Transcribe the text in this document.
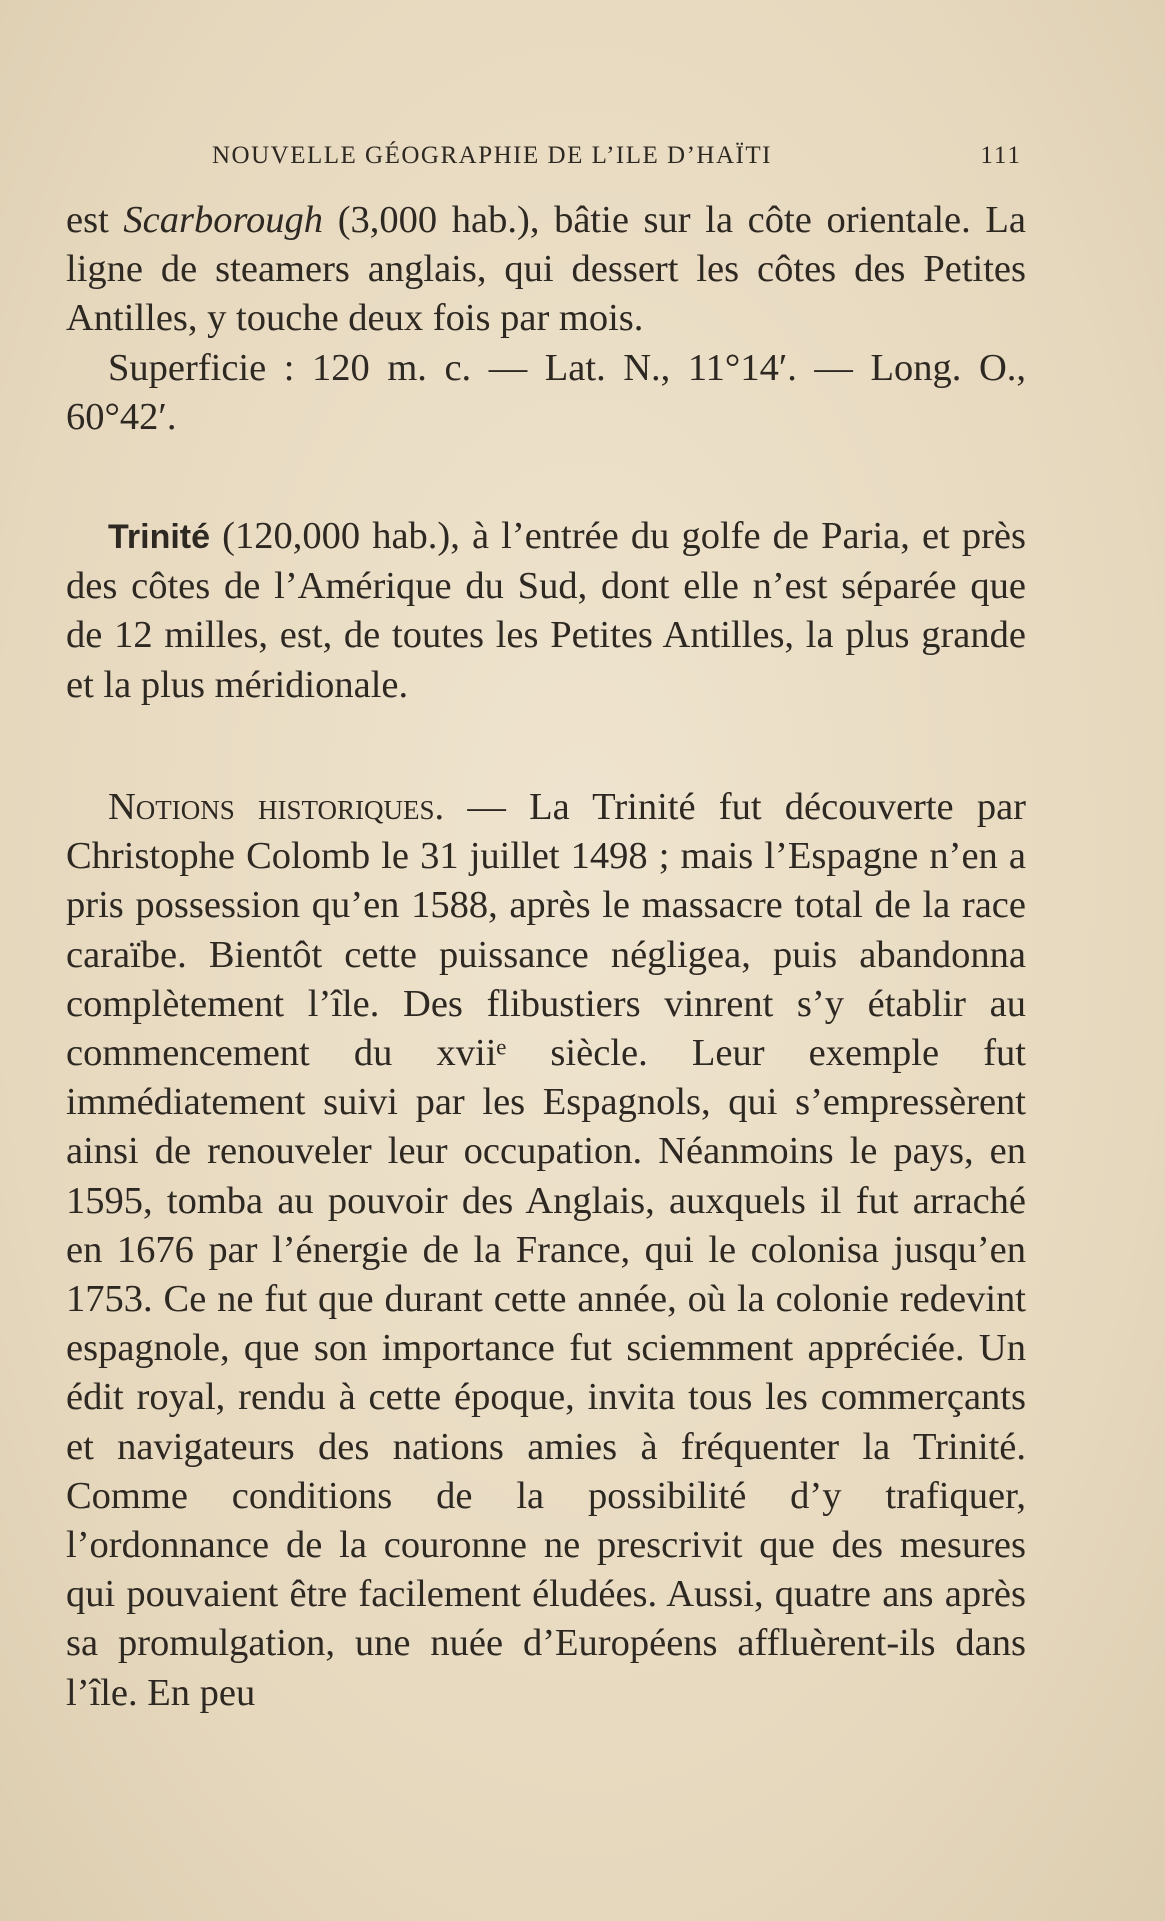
NOUVELLE GÉOGRAPHIE DE L’ILE D’HAÏTI	111

est Scarborough (3,000 hab.), bâtie sur la côte orientale. La ligne de steamers anglais, qui dessert les côtes des Petites Antilles, y touche deux fois par mois.

Superficie : 120 m. c. — Lat. N., 11°14′. — Long. O., 60°42′.

Trinité (120,000 hab.), à l’entrée du golfe de Paria, et près des côtes de l’Amérique du Sud, dont elle n’est séparée que de 12 milles, est, de toutes les Petites Antilles, la plus grande et la plus méridionale.

Notions historiques. — La Trinité fut découverte par Christophe Colomb le 31 juillet 1498 ; mais l’Espagne n’en a pris possession qu’en 1588, après le massacre total de la race caraïbe. Bientôt cette puissance négligea, puis abandonna complètement l’île. Des flibustiers vinrent s’y établir au commencement du xviiᵉ siècle. Leur exemple fut immédiatement suivi par les Espagnols, qui s’empressèrent ainsi de renouveler leur occupation. Néanmoins le pays, en 1595, tomba au pouvoir des Anglais, auxquels il fut arraché en 1676 par l’énergie de la France, qui le colonisa jusqu’en 1753. Ce ne fut que durant cette année, où la colonie redevint espagnole, que son importance fut sciemment appréciée. Un édit royal, rendu à cette époque, invita tous les commerçants et navigateurs des nations amies à fréquenter la Trinité. Comme conditions de la possibilité d’y trafiquer, l’ordonnance de la couronne ne prescrivit que des mesures qui pouvaient être facilement éludées. Aussi, quatre ans après sa promulgation, une nuée d’Européens affluèrent-ils dans l’île. En peu
